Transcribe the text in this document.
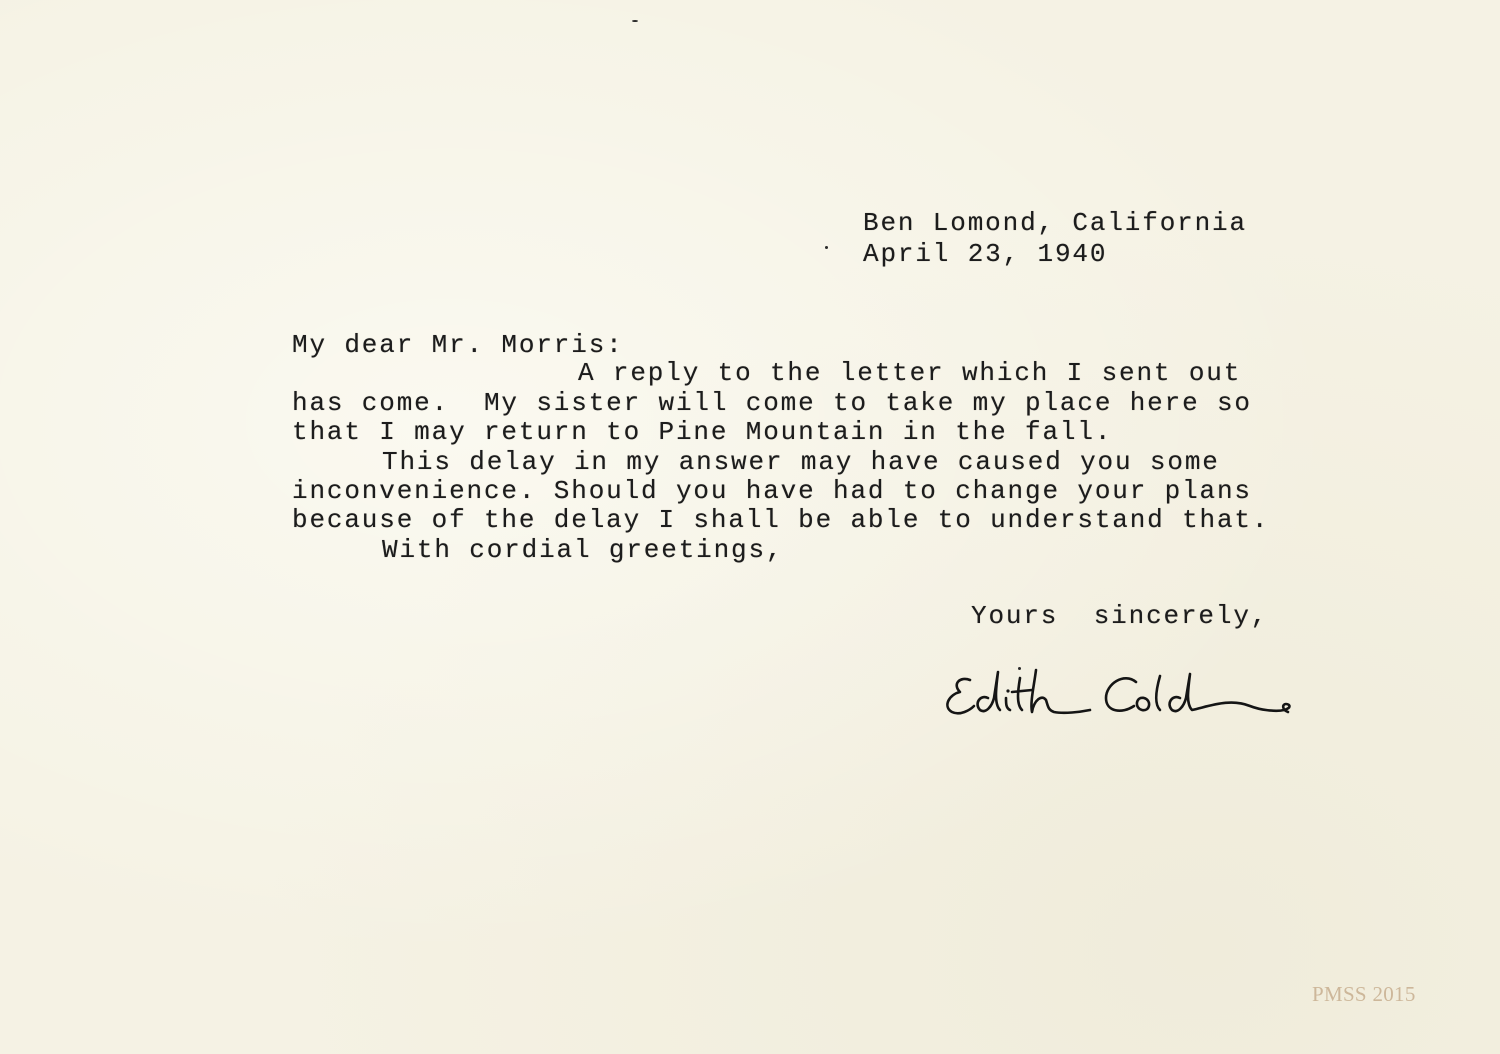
Ben Lomond, California
April 23, 1940
My dear Mr. Morris:
A reply to the letter which I sent out
has come.  My sister will come to take my place here so
that I may return to Pine Mountain in the fall.
This delay in my answer may have caused you some
inconvenience. Should you have had to change your plans
because of the delay I shall be able to understand that.
With cordial greetings,
Yours sincerely,
PMSS 2015
